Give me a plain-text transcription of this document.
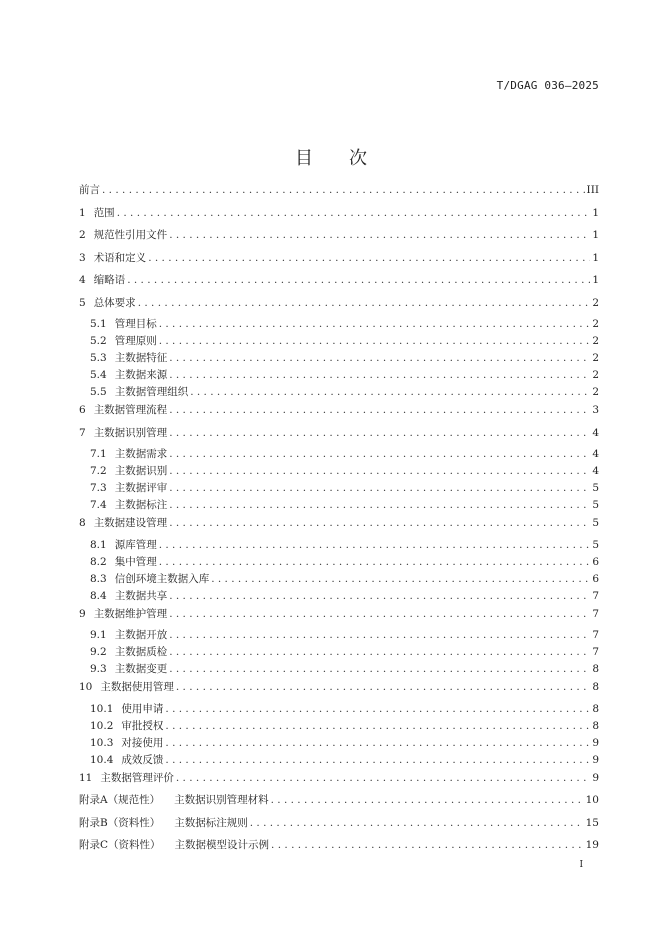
T/DGAG 036—2025
目次
前言 . . .	III
1 范围 . . .	1
2 规范性引用文件 . . .	1
3 术语和定义 . . .	1
4 缩略语 . . .	1
5 总体要求 . . .	2
5.1 管理目标 . . .	2
5.2 管理原则 . . .	2
5.3 主数据特征 . . .	2
5.4 主数据来源 . . .	2
5.5 主数据管理组织 . . .	2
6 主数据管理流程 . . .	3
7 主数据识别管理 . . .	4
7.1 主数据需求 . . .	4
7.2 主数据识别 . . .	4
7.3 主数据评审 . . .	5
7.4 主数据标注 . . .	5
8 主数据建设管理 . . .	5
8.1 源库管理 . . .	5
8.2 集中管理 . . .	6
8.3 信创环境主数据入库 . . .	6
8.4 主数据共享 . . .	7
9 主数据维护管理 . . .	7
9.1 主数据开放 . . .	7
9.2 主数据质检 . . .	7
9.3 主数据变更 . . .	8
10 主数据使用管理 . . .	8
10.1 使用申请 . . .	8
10.2 审批授权 . . .	8
10.3 对接使用 . . .	9
10.4 成效反馈 . . .	9
11 主数据管理评价 . . .	9
附录A（规范性） 主数据识别管理材料 . . .	10
附录B（资料性） 主数据标注规则 . . .	15
附录C（资料性） 主数据模型设计示例 . . .	19
I
